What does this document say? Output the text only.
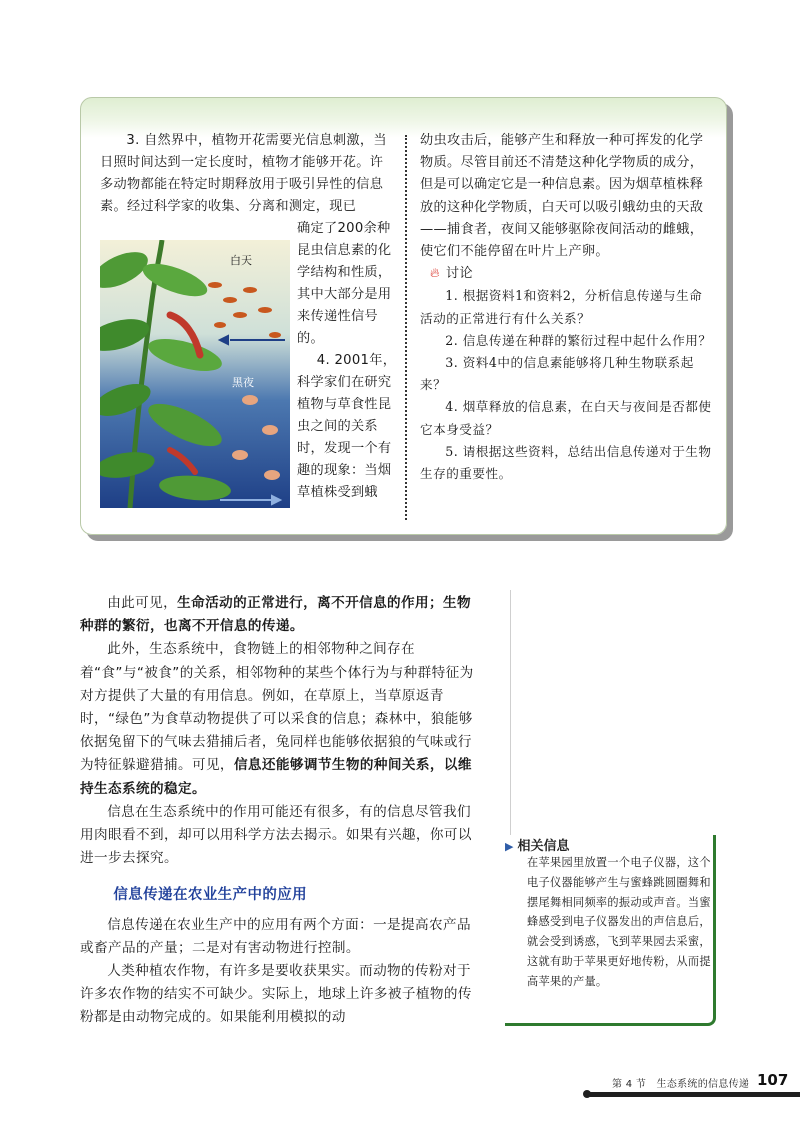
3. 自然界中，植物开花需要光信息刺激，当日照时间达到一定长度时，植物才能够开花。许多动物都能在特定时期释放用于吸引异性的信息素。经过科学家的收集、分离和测定，现已

白天
黑夜

确定了200余种昆虫信息素的化学结构和性质，其中大部分是用来传递性信号的。

4. 2001年，科学家们在研究植物与草食性昆虫之间的关系时，发现一个有趣的现象：当烟草植株受到蛾

幼虫攻击后，能够产生和释放一种可挥发的化学物质。尽管目前还不清楚这种化学物质的成分，但是可以确定它是一种信息素。因为烟草植株释放的这种化学物质，白天可以吸引蛾幼虫的天敌——捕食者，夜间又能够驱除夜间活动的雌蛾，使它们不能停留在叶片上产卵。

🔥︎ 讨论

1. 根据资料1和资料2，分析信息传递与生命活动的正常进行有什么关系？

2. 信息传递在种群的繁衍过程中起什么作用？

3. 资料4中的信息素能够将几种生物联系起来？

4. 烟草释放的信息素，在白天与夜间是否都使它本身受益？

5. 请根据这些资料，总结出信息传递对于生物生存的重要性。

由此可见，生命活动的正常进行，离不开信息的作用；生物种群的繁衍，也离不开信息的传递。

此外，生态系统中，食物链上的相邻物种之间存在着“食”与“被食”的关系，相邻物种的某些个体行为与种群特征为对方提供了大量的有用信息。例如，在草原上，当草原返青时，“绿色”为食草动物提供了可以采食的信息；森林中，狼能够依据兔留下的气味去猎捕后者，兔同样也能够依据狼的气味或行为特征躲避猎捕。可见，信息还能够调节生物的种间关系，以维持生态系统的稳定。

信息在生态系统中的作用可能还有很多，有的信息尽管我们用肉眼看不到，却可以用科学方法去揭示。如果有兴趣，你可以进一步去探究。

信息传递在农业生产中的应用

信息传递在农业生产中的应用有两个方面：一是提高农产品或畜产品的产量；二是对有害动物进行控制。

人类种植农作物，有许多是要收获果实。而动物的传粉对于许多农作物的结实不可缺少。实际上，地球上许多被子植物的传粉都是由动物完成的。如果能利用模拟的动

▶ 相关信息
在苹果园里放置一个电子仪器，这个电子仪器能够产生与蜜蜂跳圆圈舞和摆尾舞相同频率的振动或声音。当蜜蜂感受到电子仪器发出的声信息后，就会受到诱惑，飞到苹果园去采蜜，这就有助于苹果更好地传粉，从而提高苹果的产量。
第 4 节　生态系统的信息传递 107
